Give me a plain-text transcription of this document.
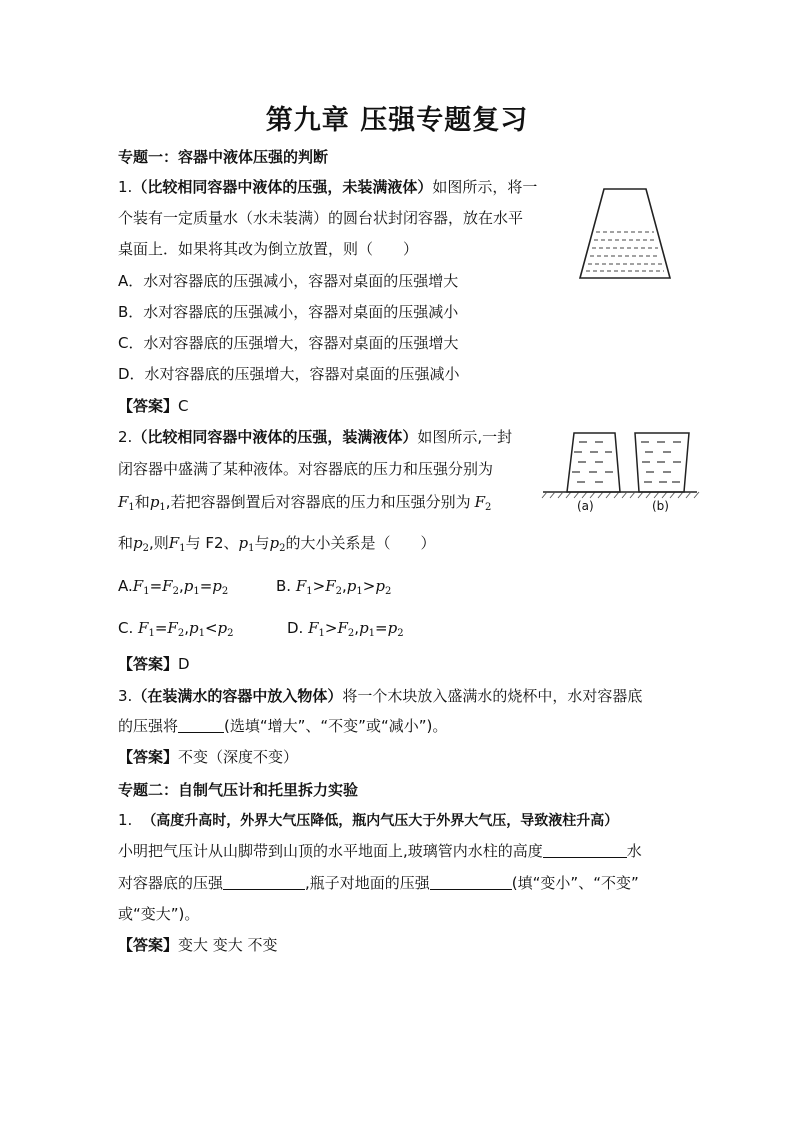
第九章 压强专题复习
专题一：容器中液体压强的判断
1.（比较相同容器中液体的压强，未装满液体）如图所示，将一
个装有一定质量水（水未装满）的圆台状封闭容器，放在水平
桌面上．如果将其改为倒立放置，则（　　）
A．水对容器底的压强减小，容器对桌面的压强增大
B．水对容器底的压强减小，容器对桌面的压强减小
C．水对容器底的压强增大，容器对桌面的压强增大
D．水对容器底的压强增大，容器对桌面的压强减小
【答案】C
2.（比较相同容器中液体的压强，装满液体）如图所示,一封
闭容器中盛满了某种液体。对容器底的压力和压强分别为
$F_1$和$p_1$,若把容器倒置后对容器底的压力和压强分别为 $F_2$
和$p_2$,则$F_1$与 F2、$p_1$与$p_2$的大小关系是（　　）
$A.F_1=F_2,p_1=p_2$	B. $F_1>F_2,p_1>p_2$
C. $F_1=F_2,p_1<p_2$	D. $F_1>F_2,p_1=p_2$
【答案】D
(a)	(b)
3.（在装满水的容器中放入物体）将一个木块放入盛满水的烧杯中，水对容器底
的压强将	(选填“增大”、“不变”或“减小”)。
【答案】不变（深度不变）
专题二：自制气压计和托里拆力实验
1. （高度升高时，外界大气压降低，瓶内气压大于外界大气压，导致液柱升高）
小明把气压计从山脚带到山顶的水平地面上,玻璃管内水柱的高度	水
对容器底的压强	,瓶子对地面的压强	(填“变小”、“不变”
或“变大”)。
【答案】变大 变大 不变
